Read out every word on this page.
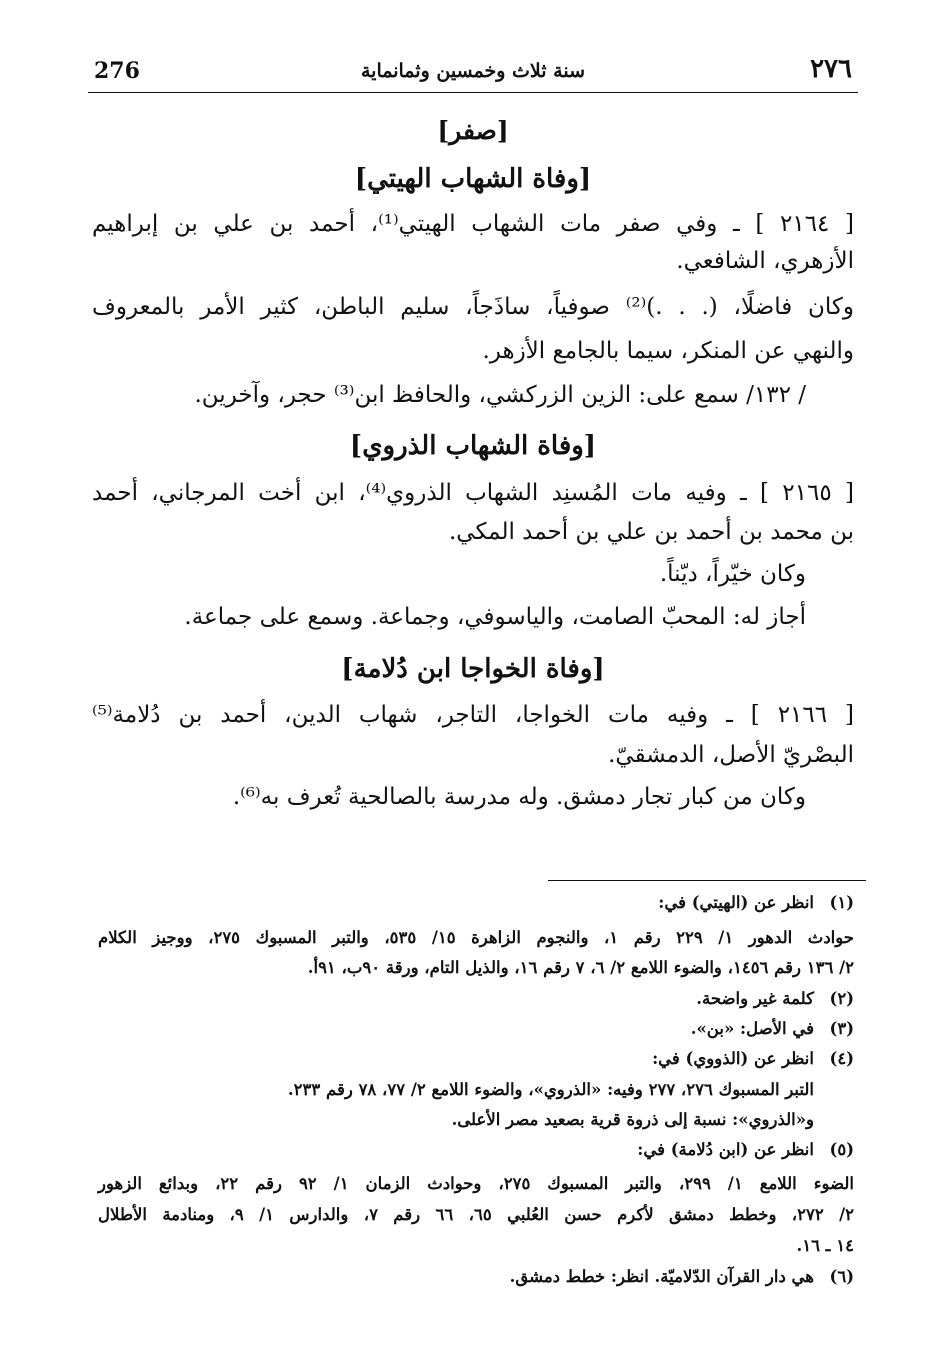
276	سنة ثلاث وخمسين وثمانماية	٢٧٦
[صفر]
[وفاة الشهاب الهيتي]
[ ٢١٦٤ ] ـ وفي صفر مات الشهاب الهيتي⁽¹⁾، أحمد بن علي بن إبراهيم
الأزهري، الشافعي.
وكان فاضلًا، (. . .)⁽²⁾ صوفياً، ساذَجاً، سليم الباطن، كثير الأمر بالمعروف
والنهي عن المنكر، سيما بالجامع الأزهر.
/ ١٣٢/ سمع على: الزين الزركشي، والحافظ ابن⁽³⁾ حجر، وآخرين.
[وفاة الشهاب الذروي]
[ ٢١٦٥ ] ـ وفيه مات المُسنِد الشهاب الذروي⁽⁴⁾، ابن أخت المرجاني، أحمد
بن محمد بن أحمد بن علي بن أحمد المكي.
وكان خيّراً، ديّناً.
أجاز له: المحبّ الصامت، والياسوفي، وجماعة. وسمع على جماعة.
[وفاة الخواجا ابن دُلامة]
[ ٢١٦٦ ] ـ وفيه مات الخواجا، التاجر، شهاب الدين، أحمد بن دُلامة⁽⁵⁾
البصْريّ الأصل، الدمشقيّ.
وكان من كبار تجار دمشق. وله مدرسة بالصالحية تُعرف به⁽⁶⁾.
(١)
انظر عن (الهيتي) في:
حوادث الدهور ١/ ٢٢٩ رقم ١، والنجوم الزاهرة ١٥/ ٥٣٥، والتبر المسبوك ٢٧٥، ووجيز الكلام
٢/ ١٣٦ رقم ١٤٥٦، والضوء اللامع ٢/ ٦، ٧ رقم ١٦، والذيل التام، ورقة ٩٠ب، ٩١أ.
(٢)
كلمة غير واضحة.
(٣)
في الأصل: «بن».
(٤)
انظر عن (الذووي) في:
التبر المسبوك ٢٧٦، ٢٧٧ وفيه: «الذروي»، والضوء اللامع ٢/ ٧٧، ٧٨ رقم ٢٣٣.
و«الذروي»: نسبة إلى ذروة قرية بصعيد مصر الأعلى.
(٥)
انظر عن (ابن دُلامة) في:
الضوء اللامع ١/ ٢٩٩، والتبر المسبوك ٢٧٥، وحوادث الزمان ١/ ٩٢ رقم ٢٢، وبدائع الزهور
٢/ ٢٧٢، وخطط دمشق لأكرم حسن العُلبي ٦٥، ٦٦ رقم ٧، والدارس ١/ ٩، ومنادمة الأطلال
١٤ ـ ١٦.
(٦)
هي دار القرآن الدّلاميّة. انظر: خطط دمشق.
